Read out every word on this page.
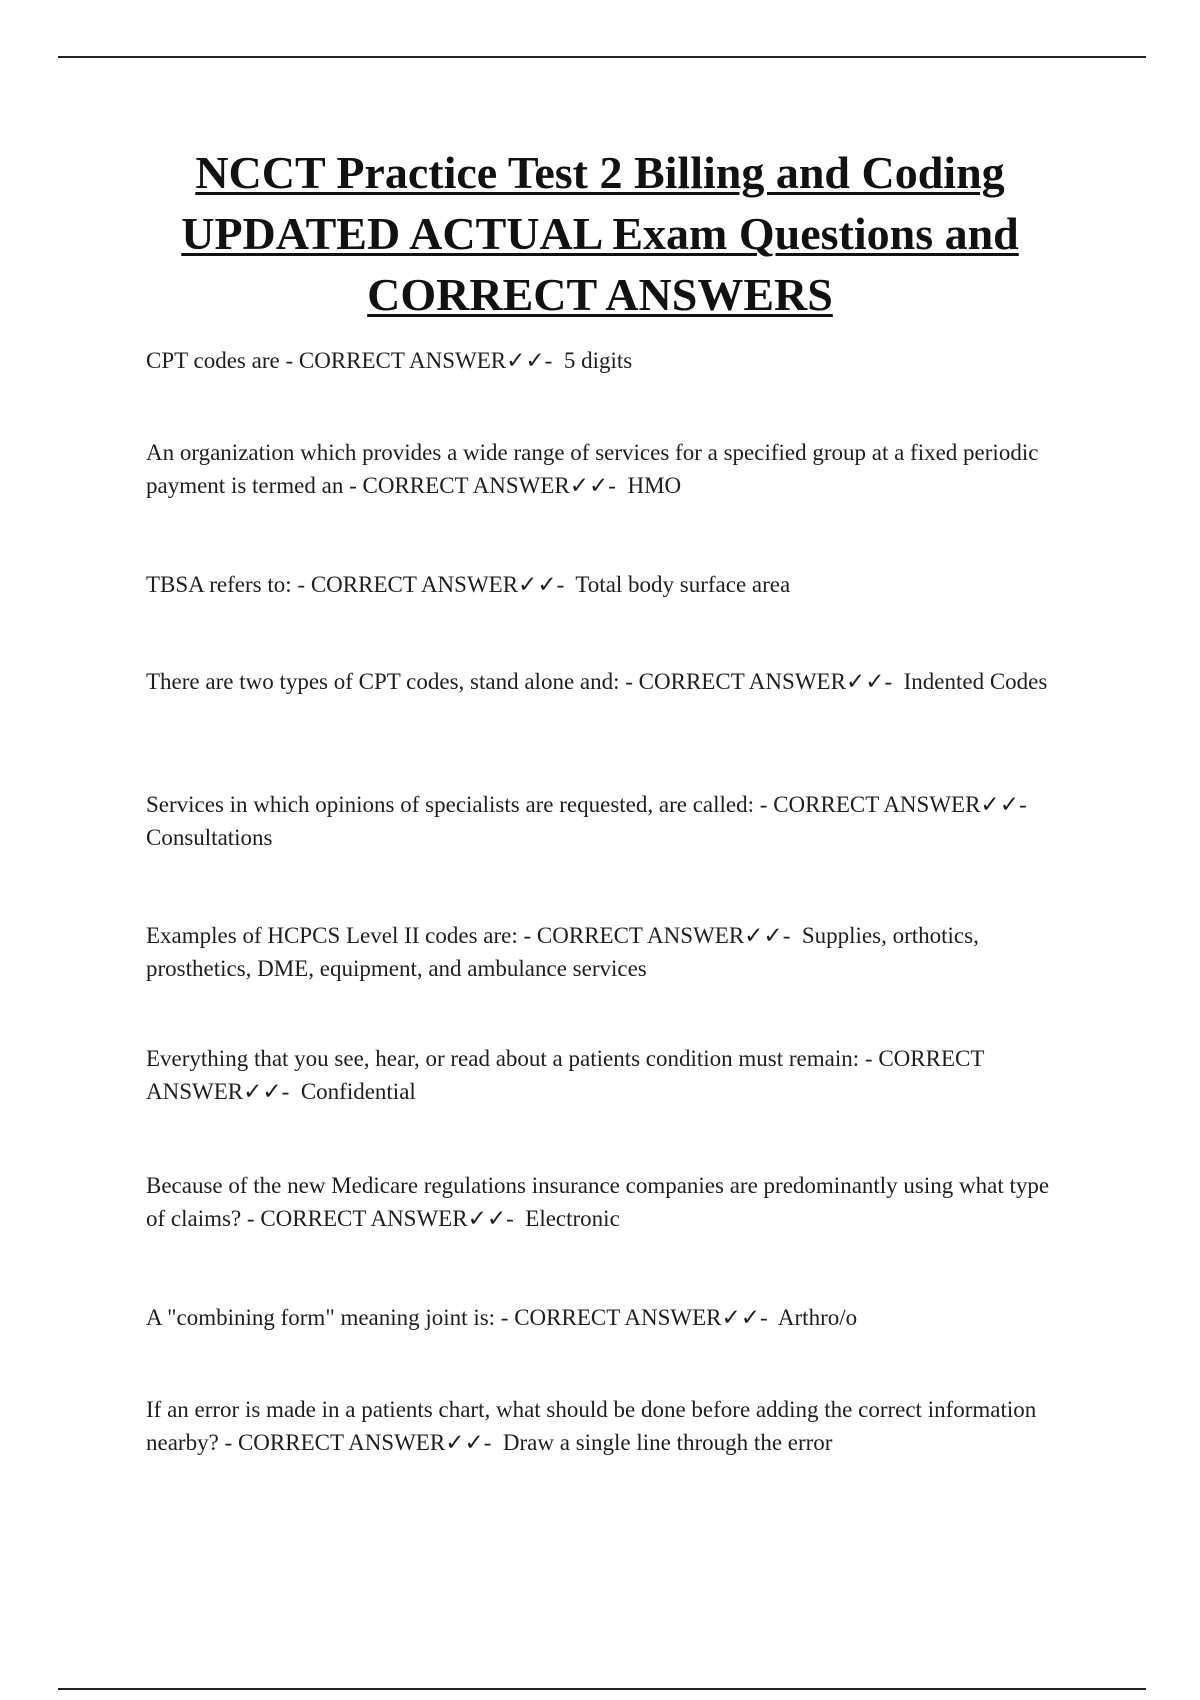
NCCT Practice Test 2 Billing and Coding
UPDATED ACTUAL Exam Questions and
CORRECT ANSWERS
CPT codes are - CORRECT ANSWER✓✓- 5 digits
An organization which provides a wide range of services for a specified group at a fixed periodic payment is termed an - CORRECT ANSWER✓✓- HMO
TBSA refers to: - CORRECT ANSWER✓✓- Total body surface area
There are two types of CPT codes, stand alone and: - CORRECT ANSWER✓✓- Indented Codes
Services in which opinions of specialists are requested, are called: - CORRECT ANSWER✓✓-  Consultations
Examples of HCPCS Level II codes are: - CORRECT ANSWER✓✓- Supplies, orthotics, prosthetics, DME, equipment, and ambulance services
Everything that you see, hear, or read about a patients condition must remain: - CORRECT ANSWER✓✓- Confidential
Because of the new Medicare regulations insurance companies are predominantly using what type of claims? - CORRECT ANSWER✓✓- Electronic
A "combining form" meaning joint is: - CORRECT ANSWER✓✓- Arthro/o
If an error is made in a patients chart, what should be done before adding the correct information nearby? - CORRECT ANSWER✓✓- Draw a single line through the error
